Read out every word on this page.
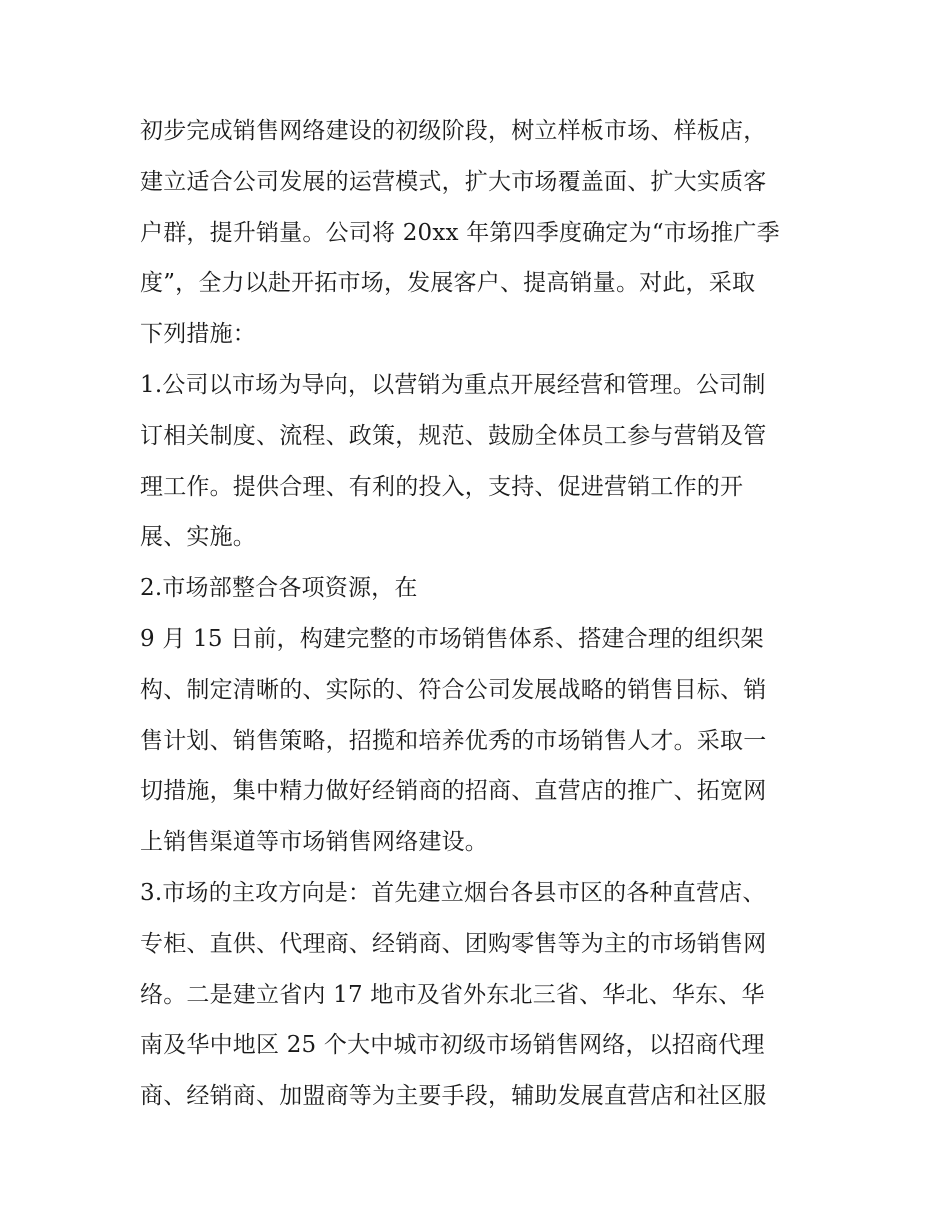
初步完成销售网络建设的初级阶段，树立样板市场、样板店，
建立适合公司发展的运营模式，扩大市场覆盖面、扩大实质客
户群，提升销量。公司将 20xx 年第四季度确定为“市场推广季
度”，全力以赴开拓市场，发展客户、提高销量。对此，采取
下列措施：
1.公司以市场为导向，以营销为重点开展经营和管理。公司制
订相关制度、流程、政策，规范、鼓励全体员工参与营销及管
理工作。提供合理、有利的投入，支持、促进营销工作的开
展、实施。
2.市场部整合各项资源，在
9 月 15 日前，构建完整的市场销售体系、搭建合理的组织架
构、制定清晰的、实际的、符合公司发展战略的销售目标、销
售计划、销售策略，招揽和培养优秀的市场销售人才。采取一
切措施，集中精力做好经销商的招商、直营店的推广、拓宽网
上销售渠道等市场销售网络建设。
3.市场的主攻方向是：首先建立烟台各县市区的各种直营店、
专柜、直供、代理商、经销商、团购零售等为主的市场销售网
络。二是建立省内 17 地市及省外东北三省、华北、华东、华
南及华中地区 25 个大中城市初级市场销售网络，以招商代理
商、经销商、加盟商等为主要手段，辅助发展直营店和社区服
